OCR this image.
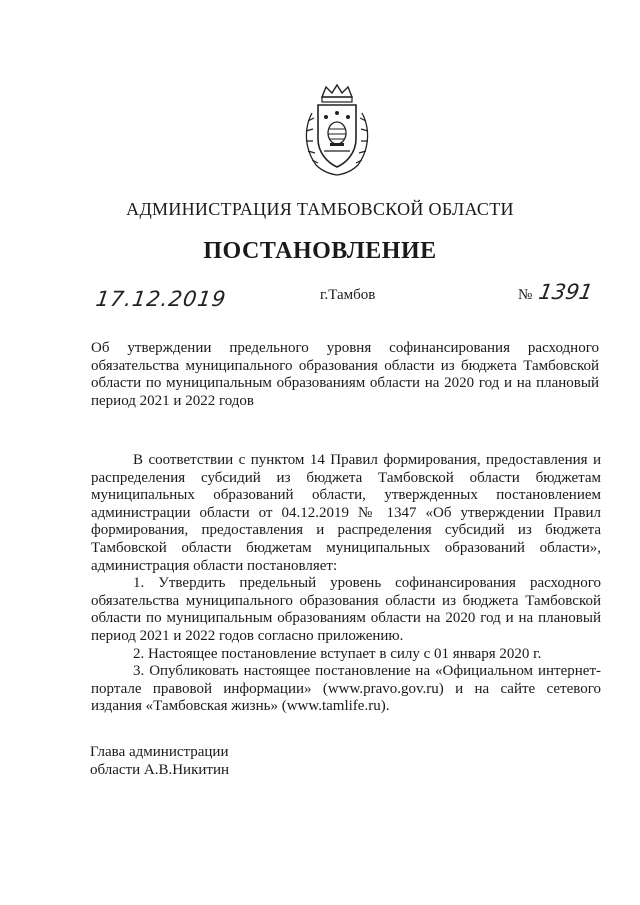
АДМИНИСТРАЦИЯ ТАМБОВСКОЙ ОБЛАСТИ
ПОСТАНОВЛЕНИЕ
17.12.2019	г.Тамбов	№ 1391

Об утверждении предельного уровня софинансирования расходного обязательства муниципального образования области из бюджета Тамбовской области по муниципальным образованиям области на 2020 год и на плановый период 2021 и 2022 годов

В соответствии с пунктом 14 Правил формирования, предоставления и распределения субсидий из бюджета Тамбовской области бюджетам муниципальных образований области, утвержденных постановлением администрации области от 04.12.2019 № 1347 «Об утверждении Правил формирования, предоставления и распределения субсидий из бюджета Тамбовской области бюджетам муниципальных образований области», администрация области постановляет:

1. Утвердить предельный уровень софинансирования расходного обязательства муниципального образования области из бюджета Тамбовской области по муниципальным образованиям области на 2020 год и на плановый период 2021 и 2022 годов согласно приложению.

2. Настоящее постановление вступает в силу с 01 января 2020 г.

3. Опубликовать настоящее постановление на «Официальном интернет-портале правовой информации» (www.pravo.gov.ru) и на сайте сетевого издания «Тамбовская жизнь» (www.tamlife.ru).

Глава администрации
области А.В.Никитин
